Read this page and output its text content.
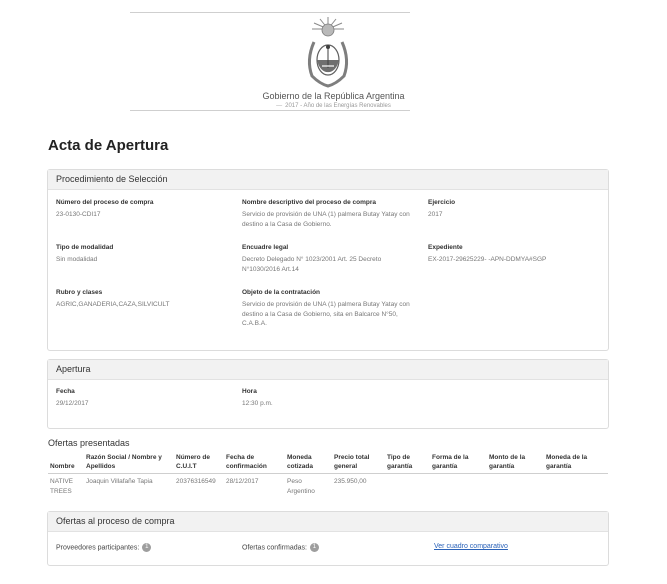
Gobierno de la República Argentina
— 2017 - Año de las Energías Renovables
Acta de Apertura
Procedimiento de Selección
Número del proceso de compra
23-0130-CDI17
Nombre descriptivo del proceso de compra
Servicio de provisión de UNA (1) palmera Butay Yatay con destino a la Casa de Gobierno.
Ejercicio
2017
Tipo de modalidad
Sin modalidad
Encuadre legal
Decreto Delegado N° 1023/2001 Art. 25 Decreto N°1030/2016 Art.14
Expediente
EX-2017-29625229- -APN-DDMYA#SGP
Rubro y clases
AGRIC,GANADERIA,CAZA,SILVICULT
Objeto de la contratación
Servicio de provisión de UNA (1) palmera Butay Yatay con destino a la Casa de Gobierno, sita en Balcarce N°50, C.A.B.A.
Apertura
Fecha
29/12/2017
Hora
12:30 p.m.
Ofertas presentadas
Nombre	Razón Social / Nombre y Apellidos	Número de C.U.I.T	Fecha de confirmación	Moneda cotizada	Precio total general	Tipo de garantía	Forma de la garantía	Monto de la garantía	Moneda de la garantía
NATIVE TREES	Joaquin Villafañe Tapia	20376316549	28/12/2017	Peso Argentino	235.950,00				
Ofertas al proceso de compra
Proveedores participantes: 1	Ofertas confirmadas: 1	Ver cuadro comparativo
